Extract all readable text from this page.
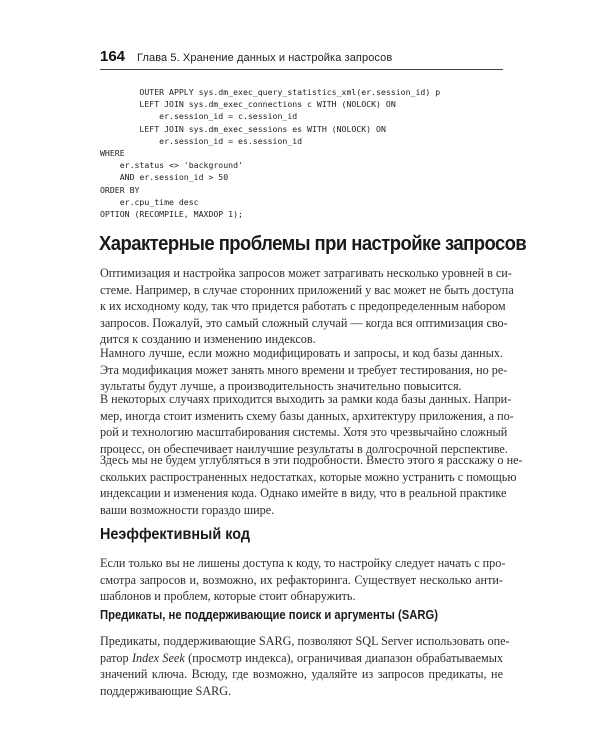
164 Глава 5. Хранение данных и настройка запросов
OUTER APPLY sys.dm_exec_query_statistics_xml(er.session_id) p
LEFT JOIN sys.dm_exec_connections c WITH (NOLOCK) ON
er.session_id = c.session_id
LEFT JOIN sys.dm_exec_sessions es WITH (NOLOCK) ON
er.session_id = es.session_id
WHERE
er.status <> 'background'
AND er.session_id > 50
ORDER BY
er.cpu_time desc
OPTION (RECOMPILE, MAXDOP 1);
Характерные проблемы при настройке запросов

Оптимизация и настройка запросов может затрагивать несколько уровней в си-
стеме. Например, в случае сторонних приложений у вас может не быть доступа
к их исходному коду, так что придется работать с предопределенным набором
запросов. Пожалуй, это самый сложный случай — когда вся оптимизация сво-
дится к созданию и изменению индексов.

Намного лучше, если можно модифицировать и запросы, и код базы данных.
Эта модификация может занять много времени и требует тестирования, но ре-
зультаты будут лучше, а производительность значительно повысится.

В некоторых случаях приходится выходить за рамки кода базы данных. Напри-
мер, иногда стоит изменить схему базы данных, архитектуру приложения, а по-
рой и технологию масштабирования системы. Хотя это чрезвычайно сложный
процесс, он обеспечивает наилучшие результаты в долгосрочной перспективе.

Здесь мы не будем углубляться в эти подробности. Вместо этого я расскажу о не-
скольких распространенных недостатках, которые можно устранить с помощью
индексации и изменения кода. Однако имейте в виду, что в реальной практике
ваши возможности гораздо шире.

Неэффективный код

Если только вы не лишены доступа к коду, то настройку следует начать с про-
смотра запросов и, возможно, их рефакторинга. Существует несколько анти-
шаблонов и проблем, которые стоит обнаружить.

Предикаты, не поддерживающие поиск и аргументы (SARG)

Предикаты, поддерживающие SARG, позволяют SQL Server использовать опе-
ратор Index Seek (просмотр индекса), ограничивая диапазон обрабатываемых
значений ключа. Всюду, где возможно, удаляйте из запросов предикаты, не
поддерживающие SARG.
